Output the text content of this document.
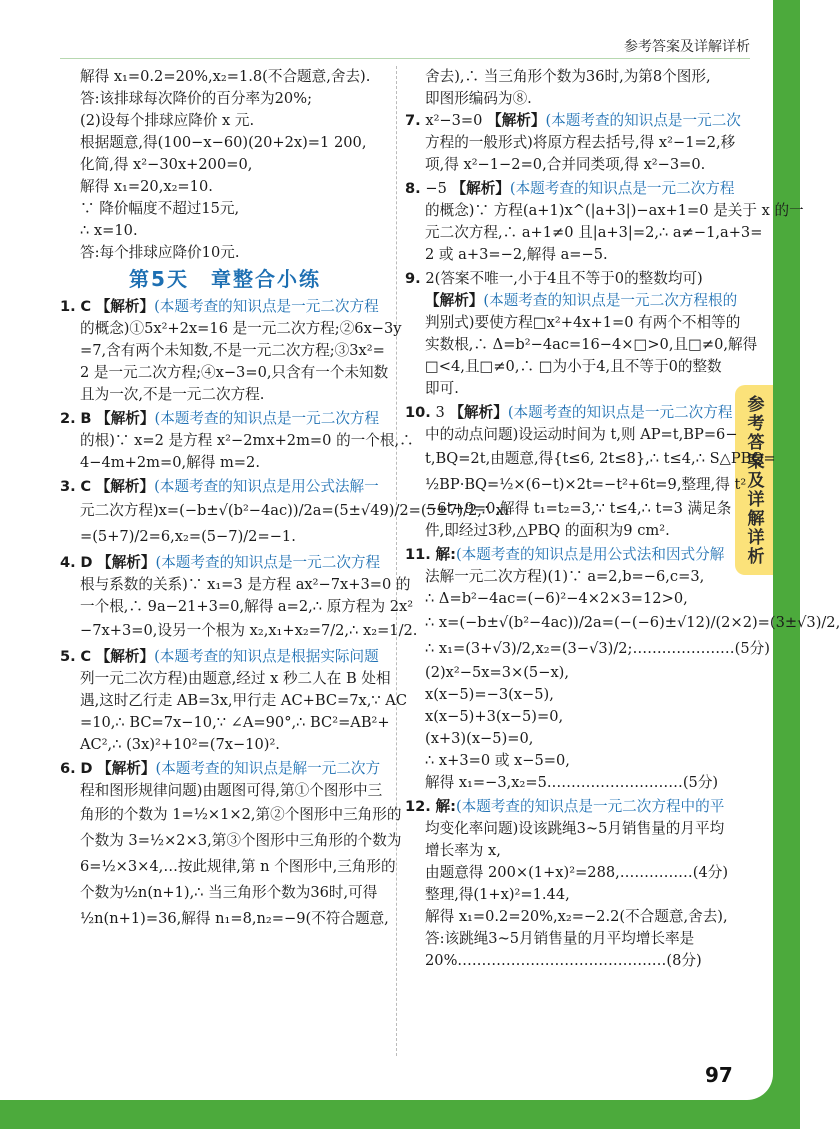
参考答案及详解详析
参考答案及详解详析
解得 x₁=0.2=20%,x₂=1.8(不合题意,舍去).
答:该排球每次降价的百分率为20%;
(2)设每个排球应降价 x 元.
根据题意,得(100−x−60)(20+2x)=1 200,
化简,得 x²−30x+200=0,
解得 x₁=20,x₂=10.
∵ 降价幅度不超过15元,
∴ x=10.
答:每个排球应降价10元.
第5天　章整合小练
1. C 【解析】(本题考查的知识点是一元二次方程
的概念)①5x²+2x=16 是一元二次方程;②6x−3y
=7,含有两个未知数,不是一元二次方程;③3x²=
2 是一元二次方程;④x−3=0,只含有一个未知数
且为一次,不是一元二次方程.
2. B 【解析】(本题考查的知识点是一元二次方程
的根)∵ x=2 是方程 x²−2mx+2m=0 的一个根,∴
4−4m+2m=0,解得 m=2.
3. C 【解析】(本题考查的知识点是用公式法解一
元二次方程)x=(−b±√(b²−4ac))/2a=(5±√49)/2=(5±7)/2,∴ x₁
=(5+7)/2=6,x₂=(5−7)/2=−1.
4. D 【解析】(本题考查的知识点是一元二次方程
根与系数的关系)∵ x₁=3 是方程 ax²−7x+3=0 的
一个根,∴ 9a−21+3=0,解得 a=2,∴ 原方程为 2x²
−7x+3=0,设另一个根为 x₂,x₁+x₂=7/2,∴ x₂=1/2.
5. C 【解析】(本题考查的知识点是根据实际问题
列一元二次方程)由题意,经过 x 秒二人在 B 处相
遇,这时乙行走 AB=3x,甲行走 AC+BC=7x,∵ AC
=10,∴ BC=7x−10,∵ ∠A=90°,∴ BC²=AB²+
AC²,∴ (3x)²+10²=(7x−10)².
6. D 【解析】(本题考查的知识点是解一元二次方
程和图形规律问题)由题图可得,第①个图形中三
角形的个数为 1=½×1×2,第②个图形中三角形的
个数为 3=½×2×3,第③个图形中三角形的个数为
6=½×3×4,…按此规律,第 n 个图形中,三角形的
个数为½n(n+1),∴ 当三角形个数为36时,可得
½n(n+1)=36,解得 n₁=8,n₂=−9(不符合题意,
舍去),∴ 当三角形个数为36时,为第8个图形,
即图形编码为⑧.
7. x²−3=0 【解析】(本题考查的知识点是一元二次
方程的一般形式)将原方程去括号,得 x²−1=2,移
项,得 x²−1−2=0,合并同类项,得 x²−3=0.
8. −5 【解析】(本题考查的知识点是一元二次方程
的概念)∵ 方程(a+1)x^(|a+3|)−ax+1=0 是关于 x 的一
元二次方程,∴ a+1≠0 且|a+3|=2,∴ a≠−1,a+3=
2 或 a+3=−2,解得 a=−5.
9. 2(答案不唯一,小于4且不等于0的整数均可)
【解析】(本题考查的知识点是一元二次方程根的
判别式)要使方程□x²+4x+1=0 有两个不相等的
实数根,∴ Δ=b²−4ac=16−4×□>0,且□≠0,解得
□<4,且□≠0,∴ □为小于4,且不等于0的整数
即可.
10. 3 【解析】(本题考查的知识点是一元二次方程
中的动点问题)设运动时间为 t,则 AP=t,BP=6−
t,BQ=2t,由题意,得{t≤6, 2t≤8},∴ t≤4,∴ S△PBQ=
½BP·BQ=½×(6−t)×2t=−t²+6t=9,整理,得 t²
−6t+9=0,解得 t₁=t₂=3,∵ t≤4,∴ t=3 满足条
件,即经过3秒,△PBQ 的面积为9 cm².
11. 解:(本题考查的知识点是用公式法和因式分解
法解一元二次方程)(1)∵ a=2,b=−6,c=3,
∴ Δ=b²−4ac=(−6)²−4×2×3=12>0,
∴ x=(−b±√(b²−4ac))/2a=(−(−6)±√12)/(2×2)=(3±√3)/2,
∴ x₁=(3+√3)/2,x₂=(3−√3)/2;…………………(5分)
(2)x²−5x=3×(5−x),
x(x−5)=−3(x−5),
x(x−5)+3(x−5)=0,
(x+3)(x−5)=0,
∴ x+3=0 或 x−5=0,
解得 x₁=−3,x₂=5.………………………(5分)
12. 解:(本题考查的知识点是一元二次方程中的平
均变化率问题)设该跳绳3~5月销售量的月平均
增长率为 x,
由题意得 200×(1+x)²=288,……………(4分)
整理,得(1+x)²=1.44,
解得 x₁=0.2=20%,x₂=−2.2(不合题意,舍去),
答:该跳绳3~5月销售量的月平均增长率是
20%.……………………………………(8分)
97
